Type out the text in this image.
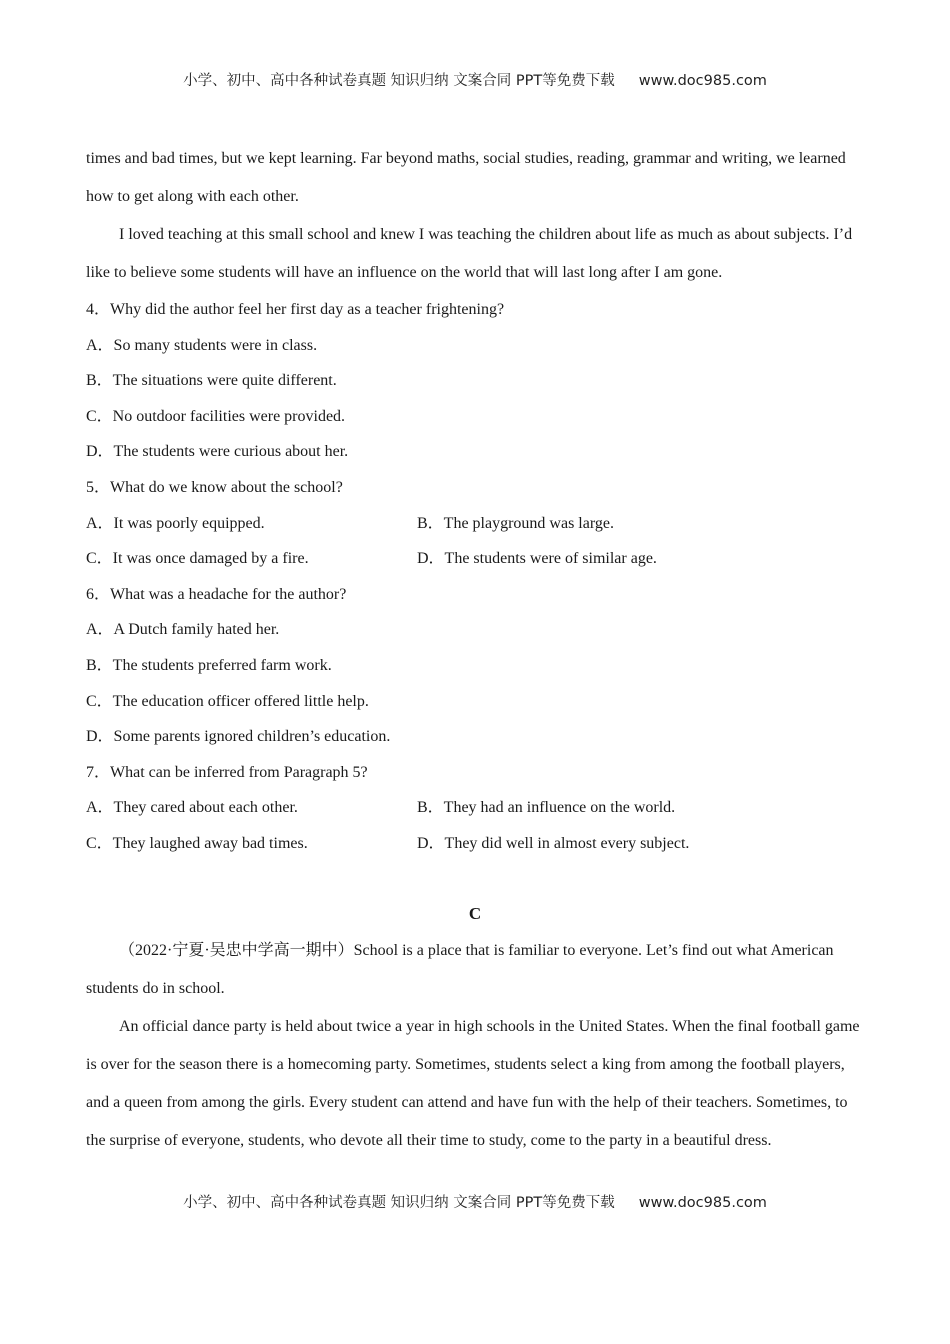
小学、初中、高中各种试卷真题 知识归纳 文案合同 PPT等免费下载 www.doc985.com

times and bad times, but we kept learning. Far beyond maths, social studies, reading, grammar and writing, we learned how to get along with each other.

I loved teaching at this small school and knew I was teaching the children about life as much as about subjects. I’d like to believe some students will have an influence on the world that will last long after I am gone.

4．Why did the author feel her first day as a teacher frightening?

A．So many students were in class.

B．The situations were quite different.

C．No outdoor facilities were provided.

D．The students were curious about her.

5．What do we know about the school?

A．It was poorly equipped.	B．The playground was large.
C．It was once damaged by a fire.	D．The students were of similar age.

6．What was a headache for the author?

A．A Dutch family hated her.

B．The students preferred farm work.

C．The education officer offered little help.

D．Some parents ignored children’s education.

7．What can be inferred from Paragraph 5?

A．They cared about each other.	B．They had an influence on the world.
C．They laughed away bad times.	D．They did well in almost every subject.
C

（2022·宁夏·吴忠中学高一期中）School is a place that is familiar to everyone. Let’s find out what American students do in school.

An official dance party is held about twice a year in high schools in the United States. When the final football game is over for the season there is a homecoming party. Sometimes, students select a king from among the football players, and a queen from among the girls. Every student can attend and have fun with the help of their teachers. Sometimes, to the surprise of everyone, students, who devote all their time to study, come to the party in a beautiful dress.

小学、初中、高中各种试卷真题 知识归纳 文案合同 PPT等免费下载 www.doc985.com
